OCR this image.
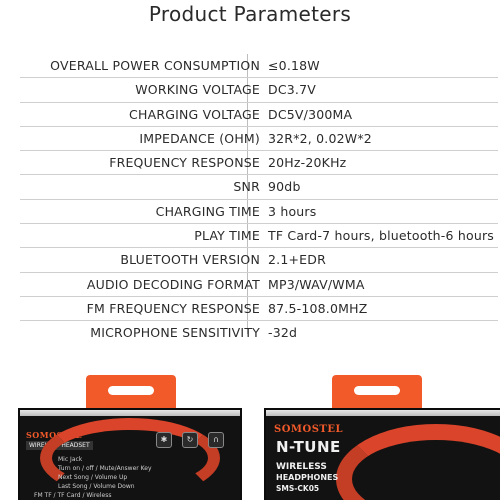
Product Parameters
OVERALL POWER CONSUMPTION ≤0.18W
WORKING VOLTAGE DC3.7V
CHARGING VOLTAGE DC5V/300MA
IMPEDANCE (OHM) 32R*2, 0.02W*2
FREQUENCY RESPONSE 20Hz-20KHz
SNR 90db
CHARGING TIME 3 hours
PLAY TIME TF Card-7 hours, bluetooth-6 hours
BLUETOOTH VERSION 2.1+EDR
AUDIO DECODING FORMAT MP3/WAV/WMA
FM FREQUENCY RESPONSE 87.5-108.0MHZ
MICROPHONE SENSITIVITY -32d
SOMOSTEL
WIRELESS HEADSET
Mic Jack
Turn on / off / Mute/Answer Key
Next Song / Volume Up
Last Song / Volume Down
FM TF / TF Card / Wireless
✱	↻	∩
SOMOSTEL
N-TUNE
WIRELESS
HEADPHONES
SMS-CK05
